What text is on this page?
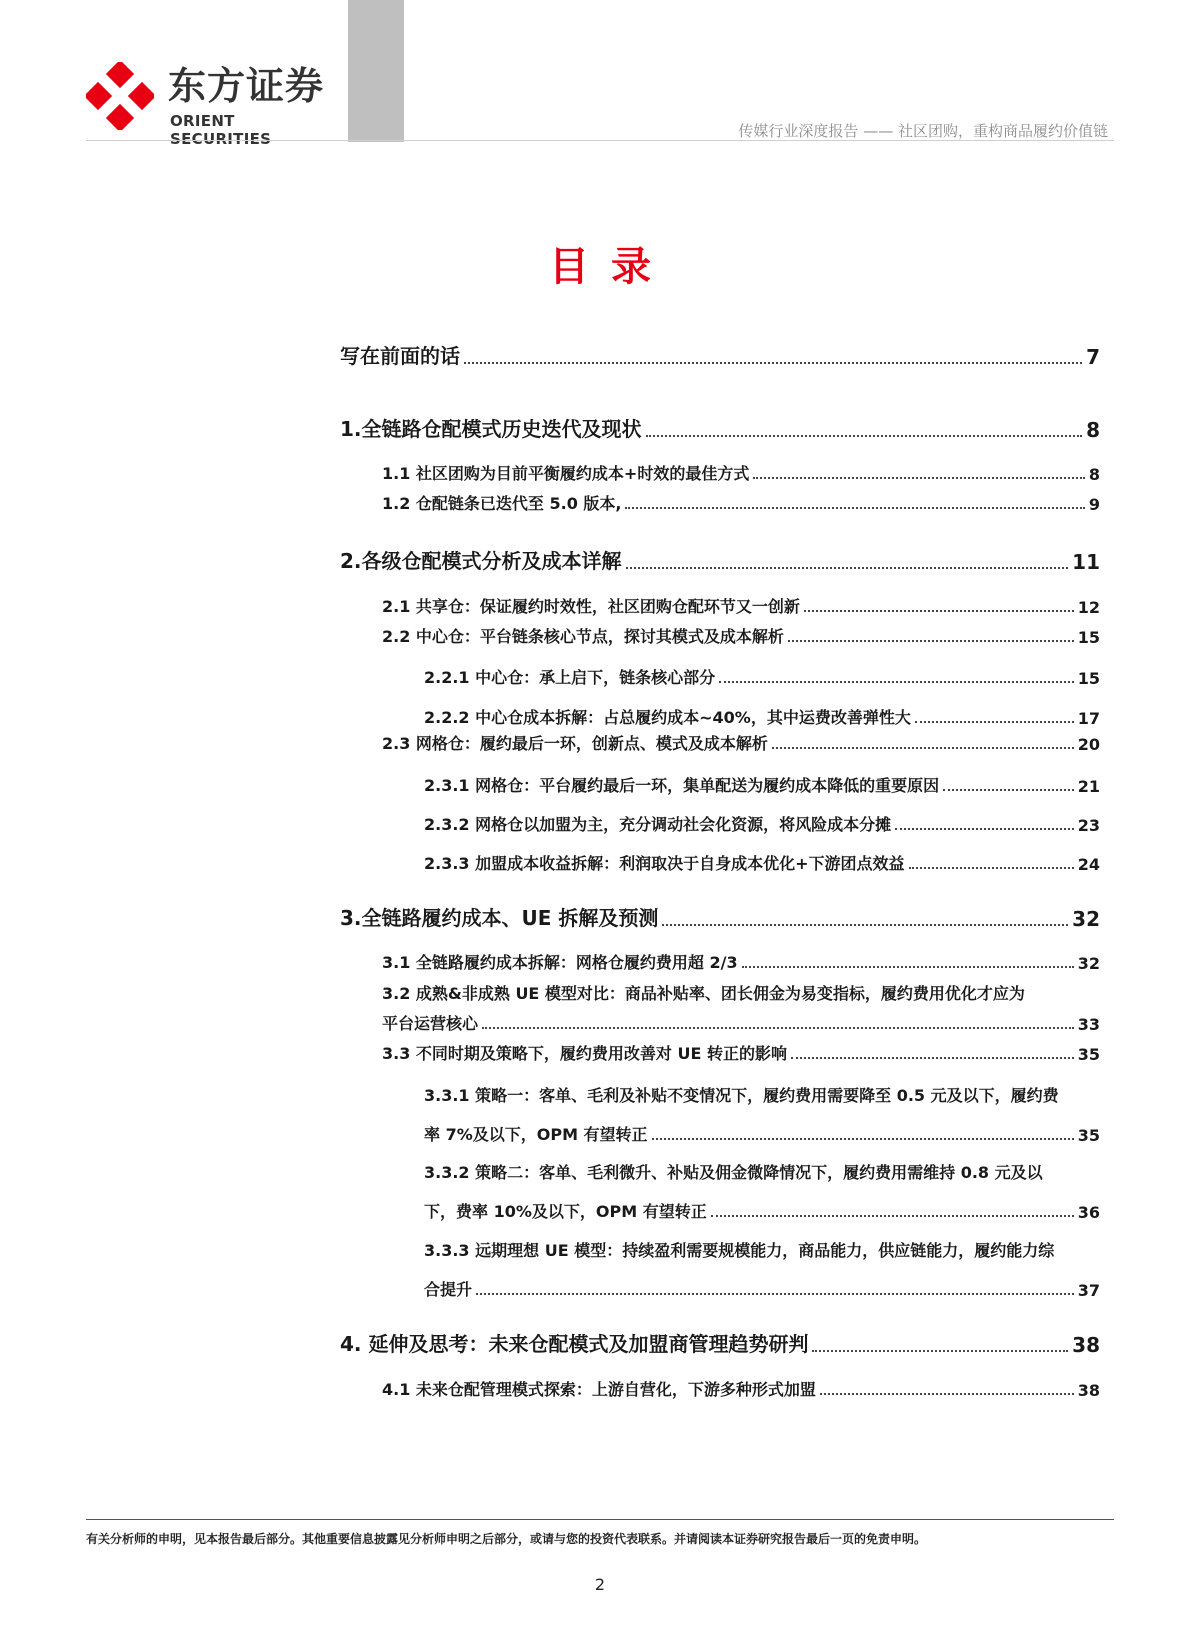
东方证券
ORIENT SECURITIES	传媒行业深度报告 —— 社区团购，重构商品履约价值链
目录
写在前面的话	7
1.全链路仓配模式历史迭代及现状	8
1.1 社区团购为目前平衡履约成本+时效的最佳方式	8
1.2 仓配链条已迭代至 5.0 版本,	9
2.各级仓配模式分析及成本详解	11
2.1 共享仓：保证履约时效性，社区团购仓配环节又一创新	12
2.2 中心仓：平台链条核心节点，探讨其模式及成本解析	15
2.2.1 中心仓：承上启下，链条核心部分	15
2.2.2 中心仓成本拆解：占总履约成本~40%，其中运费改善弹性大	17
2.3 网格仓：履约最后一环，创新点、模式及成本解析	20
2.3.1 网格仓：平台履约最后一环，集单配送为履约成本降低的重要原因	21
2.3.2 网格仓以加盟为主，充分调动社会化资源，将风险成本分摊	23
2.3.3 加盟成本收益拆解：利润取决于自身成本优化+下游团点效益	24
3.全链路履约成本、UE 拆解及预测	32
3.1 全链路履约成本拆解：网格仓履约费用超 2/3	32
3.2 成熟&非成熟 UE 模型对比：商品补贴率、团长佣金为易变指标，履约费用优化才应为
平台运营核心	33
3.3 不同时期及策略下，履约费用改善对 UE 转正的影响	35
3.3.1 策略一：客单、毛利及补贴不变情况下，履约费用需要降至 0.5 元及以下，履约费
率 7%及以下，OPM 有望转正	35
3.3.2 策略二：客单、毛利微升、补贴及佣金微降情况下，履约费用需维持 0.8 元及以
下，费率 10%及以下，OPM 有望转正	36
3.3.3 远期理想 UE 模型：持续盈利需要规模能力，商品能力，供应链能力，履约能力综
合提升	37
4. 延伸及思考：未来仓配模式及加盟商管理趋势研判	38
4.1 未来仓配管理模式探索：上游自营化，下游多种形式加盟	38
有关分析师的申明，见本报告最后部分。其他重要信息披露见分析师申明之后部分，或请与您的投资代表联系。并请阅读本证券研究报告最后一页的免责申明。
2
